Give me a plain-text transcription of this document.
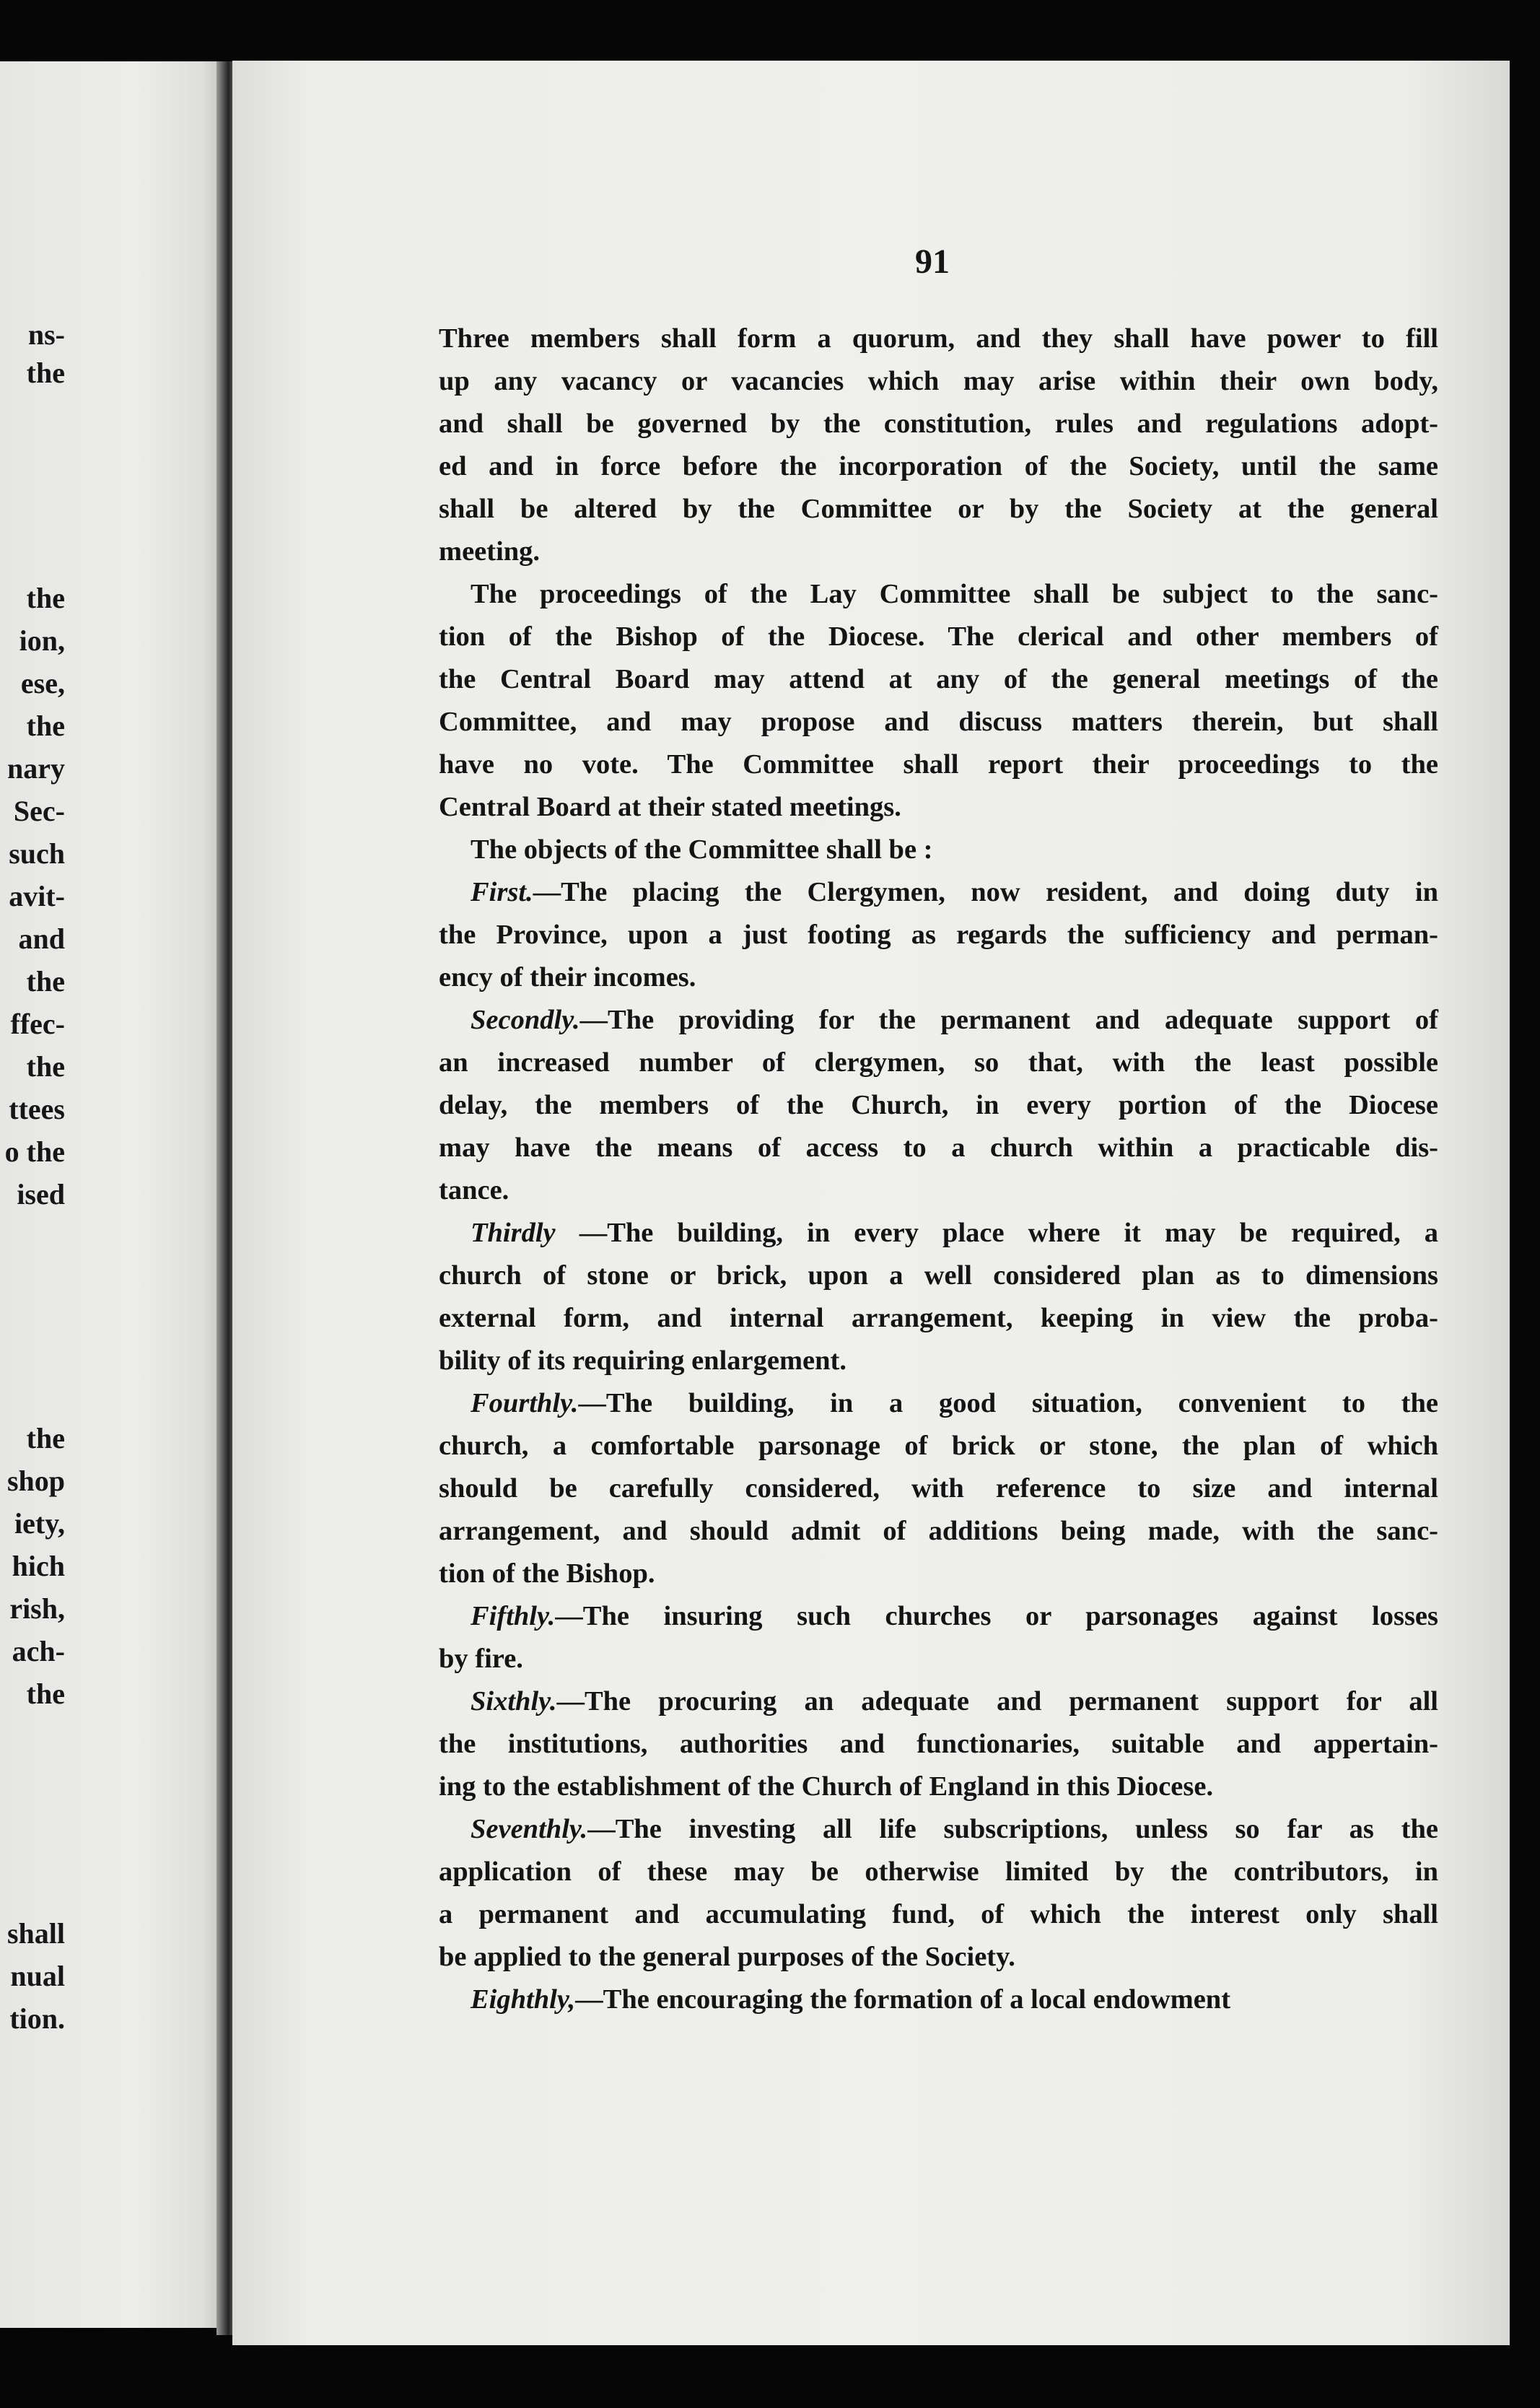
ns-
the
the
ion,
ese,
the
nary
Sec-
such
avit-
and
the
ffec-
the
ttees
o the
ised
the
shop
iety,
hich
rish,
ach-
the
shall
nual
tion.
91
Three members shall form a quorum, and they shall have power to fill
up any vacancy or vacancies which may arise within their own body,
and shall be governed by the constitution, rules and regulations adopt-
ed and in force before the incorporation of the Society, until the same
shall be altered by the Committee or by the Society at the general
meeting.
The proceedings of the Lay Committee shall be subject to the sanc-
tion of the Bishop of the Diocese. The clerical and other members of
the Central Board may attend at any of the general meetings of the
Committee, and may propose and discuss matters therein, but shall
have no vote. The Committee shall report their proceedings to the
Central Board at their stated meetings.
The objects of the Committee shall be :
First.—The placing the Clergymen, now resident, and doing duty in
the Province, upon a just footing as regards the sufficiency and perman-
ency of their incomes.
Secondly.—The providing for the permanent and adequate support of
an increased number of clergymen, so that, with the least possible
delay, the members of the Church, in every portion of the Diocese
may have the means of access to a church within a practicable dis-
tance.
Thirdly —The building, in every place where it may be required, a
church of stone or brick, upon a well considered plan as to dimensions
external form, and internal arrangement, keeping in view the proba-
bility of its requiring enlargement.
Fourthly.—The building, in a good situation, convenient to the
church, a comfortable parsonage of brick or stone, the plan of which
should be carefully considered, with reference to size and internal
arrangement, and should admit of additions being made, with the sanc-
tion of the Bishop.
Fifthly.—The insuring such churches or parsonages against losses
by fire.
Sixthly.—The procuring an adequate and permanent support for all
the institutions, authorities and functionaries, suitable and appertain-
ing to the establishment of the Church of England in this Diocese.
Seventhly.—The investing all life subscriptions, unless so far as the
application of these may be otherwise limited by the contributors, in
a permanent and accumulating fund, of which the interest only shall
be applied to the general purposes of the Society.
Eighthly,—The encouraging the formation of a local endowment
